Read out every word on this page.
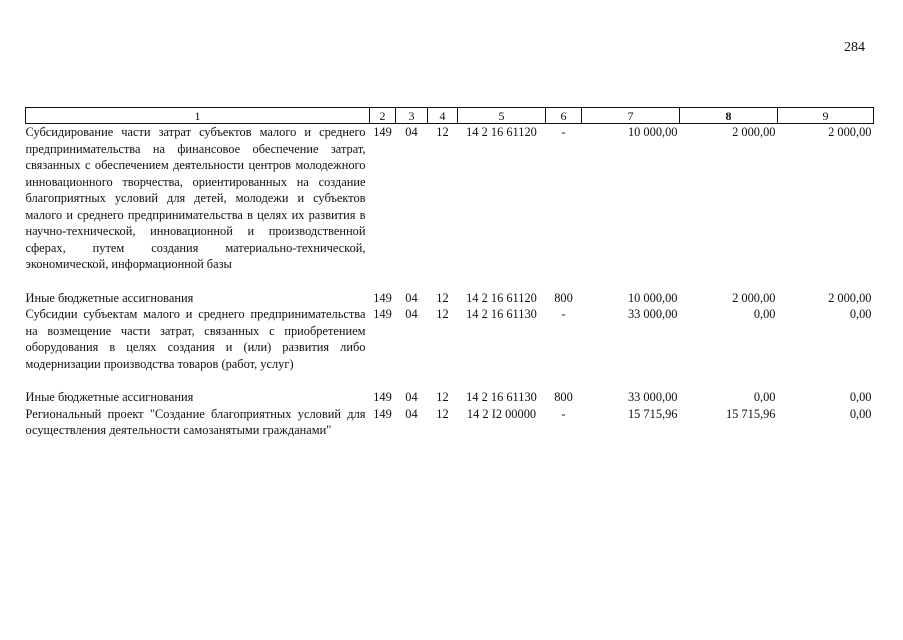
284
1	2	3	4	5	6	7	8	9
Субсидирование части затрат субъектов малого и среднего предпринимательства на финансовое обеспечение затрат, связанных с обеспечением деятельности центров молодежного инновационного творчества, ориентированных на создание благоприятных условий для детей, молодежи и субъектов малого и среднего предпринимательства в целях их развития в научно-технической, инновационной и производственной сферах, путем создания материально-технической, экономической, информационной базы	149	04	12	14 2 16 61120	-	10 000,00	2 000,00	2 000,00
Иные бюджетные ассигнования	149	04	12	14 2 16 61120	800	10 000,00	2 000,00	2 000,00
Субсидии субъектам малого и среднего предпринимательства на возмещение части затрат, связанных с приобретением оборудования в целях создания и (или) развития либо модернизации производства товаров (работ, услуг)	149	04	12	14 2 16 61130	-	33 000,00	0,00	0,00
Иные бюджетные ассигнования	149	04	12	14 2 16 61130	800	33 000,00	0,00	0,00
Региональный проект "Создание благоприятных условий для осуществления деятельности самозанятыми гражданами"	149	04	12	14 2 I2 00000	-	15 715,96	15 715,96	0,00
